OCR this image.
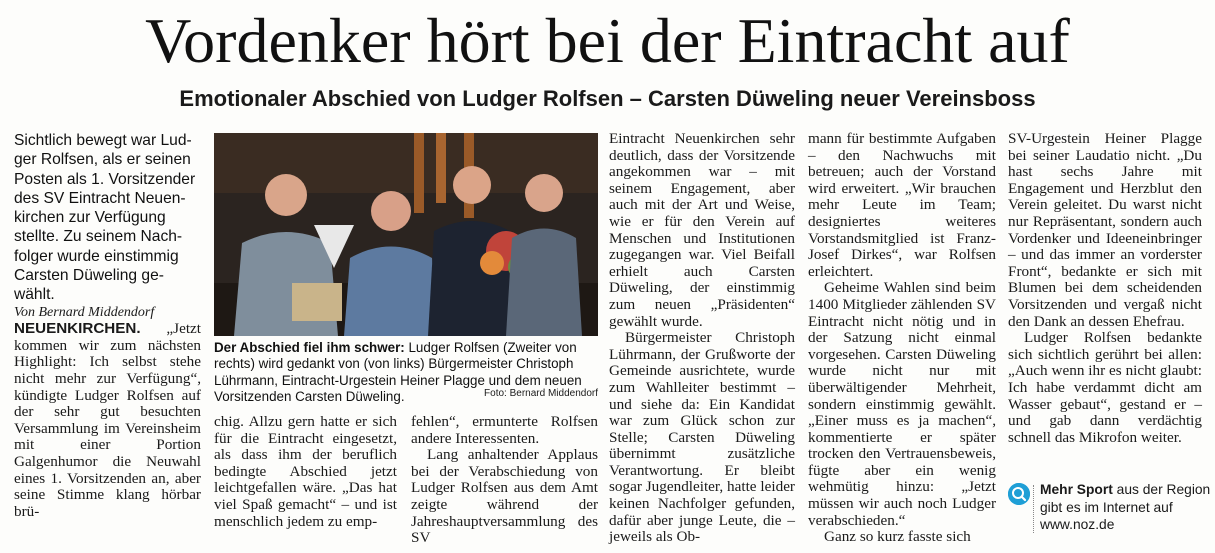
Vordenker hört bei der Eintracht auf
Emotionaler Abschied von Ludger Rolfsen – Carsten Düweling neuer Vereinsboss

Sichtlich bewegt war Lud-ger Rolfsen, als er seinen Posten als 1. Vorsitzender des SV Eintracht Neuen-kirchen zur Verfügung stellte. Zu seinem Nach-folger wurde einstimmig Carsten Düweling ge-wählt.

Von Bernard Middendorf

NEUENKIRCHEN. „Jetzt kommen wir zum nächsten Highlight: Ich selbst stehe nicht mehr zur Verfügung“, kündigte Ludger Rolfsen auf der sehr gut besuchten Versammlung im Vereinsheim mit einer Portion Galgenhumor die Neuwahl eines 1. Vorsitzenden an, aber seine Stimme klang hörbar brü-

Der Abschied fiel ihm schwer: Ludger Rolfsen (Zweiter von rechts) wird gedankt von (von links) Bürgermeister Christoph Lührmann, Eintracht-Urgestein Heiner Plagge und dem neuen Vorsitzenden Carsten Düweling.	Foto: Bernard Middendorf

chig. Allzu gern hatte er sich für die Eintracht eingesetzt, als dass ihm der beruflich bedingte Abschied jetzt leichtgefallen wäre. „Das hat viel Spaß gemacht“ – und ist menschlich jedem zu emp-

fehlen“, ermunterte Rolfsen andere Interessenten.

Lang anhaltender Applaus bei der Verabschiedung von Ludger Rolfsen aus dem Amt zeigte während der Jahreshauptversammlung des SV

Eintracht Neuenkirchen sehr deutlich, dass der Vorsitzende angekommen war – mit seinem Engagement, aber auch mit der Art und Weise, wie er für den Verein auf Menschen und Institutionen zugegangen war. Viel Beifall erhielt auch Carsten Düweling, der einstimmig zum neuen „Präsidenten“ gewählt wurde.

Bürgermeister Christoph Lührmann, der Grußworte der Gemeinde ausrichtete, wurde zum Wahlleiter bestimmt – und siehe da: Ein Kandidat war zum Glück schon zur Stelle; Carsten Düweling übernimmt zusätzliche Verantwortung. Er bleibt sogar Jugendleiter, hatte leider keinen Nachfolger gefunden, dafür aber junge Leute, die – jeweils als Ob-

mann für bestimmte Aufgaben – den Nachwuchs mit betreuen; auch der Vorstand wird erweitert. „Wir brauchen mehr Leute im Team; designiertes weiteres Vorstandsmitglied ist Franz-Josef Dirkes“, war Rolfsen erleichtert.

Geheime Wahlen sind beim 1400 Mitglieder zählenden SV Eintracht nicht nötig und in der Satzung nicht einmal vorgesehen. Carsten Düweling wurde nicht nur mit überwältigender Mehrheit, sondern einstimmig gewählt. „Einer muss es ja machen“, kommentierte er später trocken den Vertrauensbeweis, fügte aber ein wenig wehmütig hinzu: „Jetzt müssen wir auch noch Ludger verabschieden.“

Ganz so kurz fasste sich

SV-Urgestein Heiner Plagge bei seiner Laudatio nicht. „Du hast sechs Jahre mit Engagement und Herzblut den Verein geleitet. Du warst nicht nur Repräsentant, sondern auch Vordenker und Ideeneinbringer – und das immer an vorderster Front“, bedankte er sich mit Blumen bei dem scheidenden Vorsitzenden und vergaß nicht den Dank an dessen Ehefrau.

Ludger Rolfsen bedankte sich sichtlich gerührt bei allen: „Auch wenn ihr es nicht glaubt: Ich habe verdammt dicht am Wasser gebaut“, gestand er – und gab dann verdächtig schnell das Mikrofon weiter.

Mehr Sport aus der Region gibt es im Internet auf www.noz.de
